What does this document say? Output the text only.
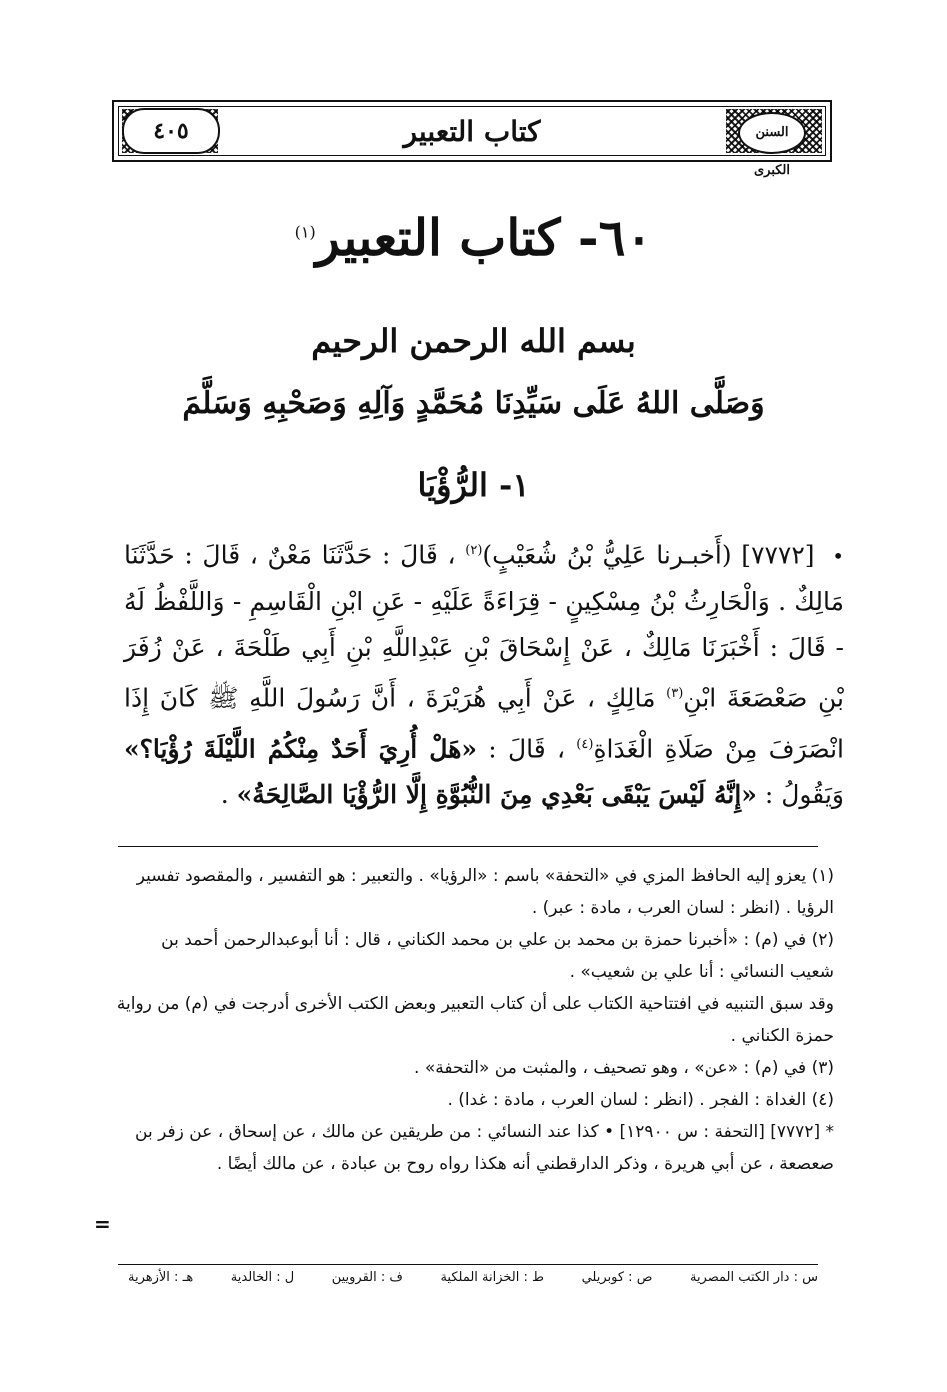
السنن الكبرى
كتاب التعبير
٤٠٥
٦٠- كتاب التعبير$^{(١)}$
بسم الله الرحمن الرحيم
وَصَلَّى اللهُ عَلَى سَيِّدِنَا مُحَمَّدٍ وَآلِهِ وَصَحْبِهِ وَسَلَّمَ
١- الرُّؤْيَا
• [٧٧٧٢] (أَخبـرنا عَلِيُّ بْنُ شُعَيْبٍ)$^{(٢)}$ ، قَالَ : حَدَّثَنَا مَعْنٌ ، قَالَ : حَدَّثَنَا مَالِكٌ . وَالْحَارِثُ بْنُ مِسْكِينٍ - قِرَاءَةً عَلَيْهِ - عَنِ ابْنِ الْقَاسِمِ - وَاللَّفْظُ لَهُ - قَالَ : أَخْبَرَنَا مَالِكٌ ، عَنْ إِسْحَاقَ بْنِ عَبْدِاللَّهِ بْنِ أَبِي طَلْحَةَ ، عَنْ زُفَرَ بْنِ صَعْصَعَةَ ابْنِ$^{(٣)}$ مَالِكٍ ، عَنْ أَبِي هُرَيْرَةَ ، أَنَّ رَسُولَ اللَّهِ ﷺ كَانَ إِذَا انْصَرَفَ مِنْ صَلَاةِ الْغَدَاةِ$^{(٤)}$ ، قَالَ : «هَلْ أُرِيَ أَحَدٌ مِنْكُمُ اللَّيْلَةَ رُؤْيَا؟» وَيَقُولُ : «إِنَّهُ لَيْسَ يَبْقَى بَعْدِي مِنَ النُّبُوَّةِ إِلَّا الرُّؤْيَا الصَّالِحَةُ» .

(١) يعزو إليه الحافظ المزي في «التحفة» باسم : «الرؤيا» . والتعبير : هو التفسير ، والمقصود تفسير الرؤيا . (انظر : لسان العرب ، مادة : عبر) .

(٢) في (م) : «أخبرنا حمزة بن محمد بن علي بن محمد الكناني ، قال : أنا أبوعبدالرحمن أحمد بن شعيب النسائي : أنا علي بن شعيب» .

وقد سبق التنبيه في افتتاحية الكتاب على أن كتاب التعبير وبعض الكتب الأخرى أدرجت في (م) من رواية حمزة الكناني .

(٣) في (م) : «عن» ، وهو تصحيف ، والمثبت من «التحفة» .

(٤) الغداة : الفجر . (انظر : لسان العرب ، مادة : غدا) .

* [٧٧٧٢] [التحفة : س ١٢٩٠٠] • كذا عند النسائي : من طريقين عن مالك ، عن إسحاق ، عن زفر بن صعصعة ، عن أبي هريرة ، وذكر الدارقطني أنه هكذا رواه روح بن عبادة ، عن مالك أيضًا .

=
س : دار الكتب المصرية
ص : كوبريلي
ط : الخزانة الملكية
ف : القرويين
ل : الخالدية
هـ : الأزهرية
